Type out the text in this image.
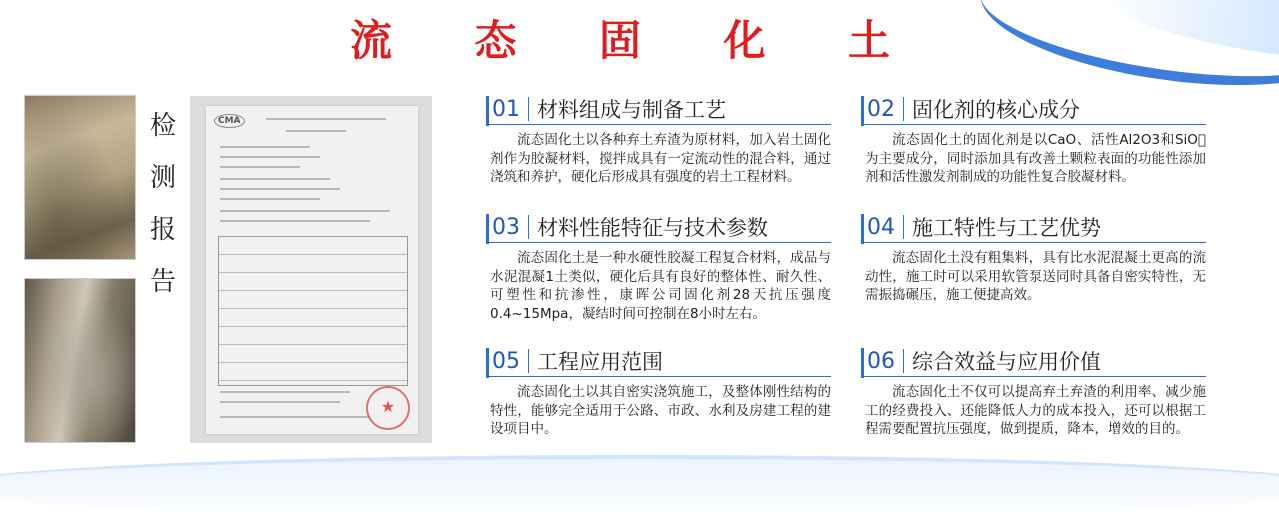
流 态 固 化 土
检
测
报
告
CMA
★
01 材料组成与制备工艺
流态固化土以各种弃土弃渣为原材料，加入岩土固化剂作为胶凝材料，搅拌成具有一定流动性的混合料，通过浇筑和养护，硬化后形成具有强度的岩土工程材料。
02 固化剂的核心成分
流态固化土的固化剂是以CaO、活性Al2O3和SiO􀀁为主要成分，同时添加具有改善土颗粒表面的功能性添加剂和活性激发剂制成的功能性复合胶凝材料。
03 材料性能特征与技术参数
流态固化土是一种水硬性胶凝工程复合材料，成品与水泥混凝1土类似，硬化后具有良好的整体性、耐久性、可塑性和抗渗性，康晖公司固化剂28天抗压强度0.4~15Mpa，凝结时间可控制在8小时左右。
04 施工特性与工艺优势
流态固化土没有粗集料，具有比水泥混凝土更高的流动性，施工时可以采用软管泵送同时具备自密实特性，无需振捣碾压，施工便捷高效。
05 工程应用范围
流态固化土以其自密实浇筑施工，及整体刚性结构的特性，能够完全适用于公路、市政、水利及房建工程的建设项目中。
06 综合效益与应用价值
流态固化土不仅可以提高弃土弃渣的利用率、减少施工的经费投入、还能降低人力的成本投入，还可以根据工程需要配置抗压强度，做到提质，降本，增效的目的。
